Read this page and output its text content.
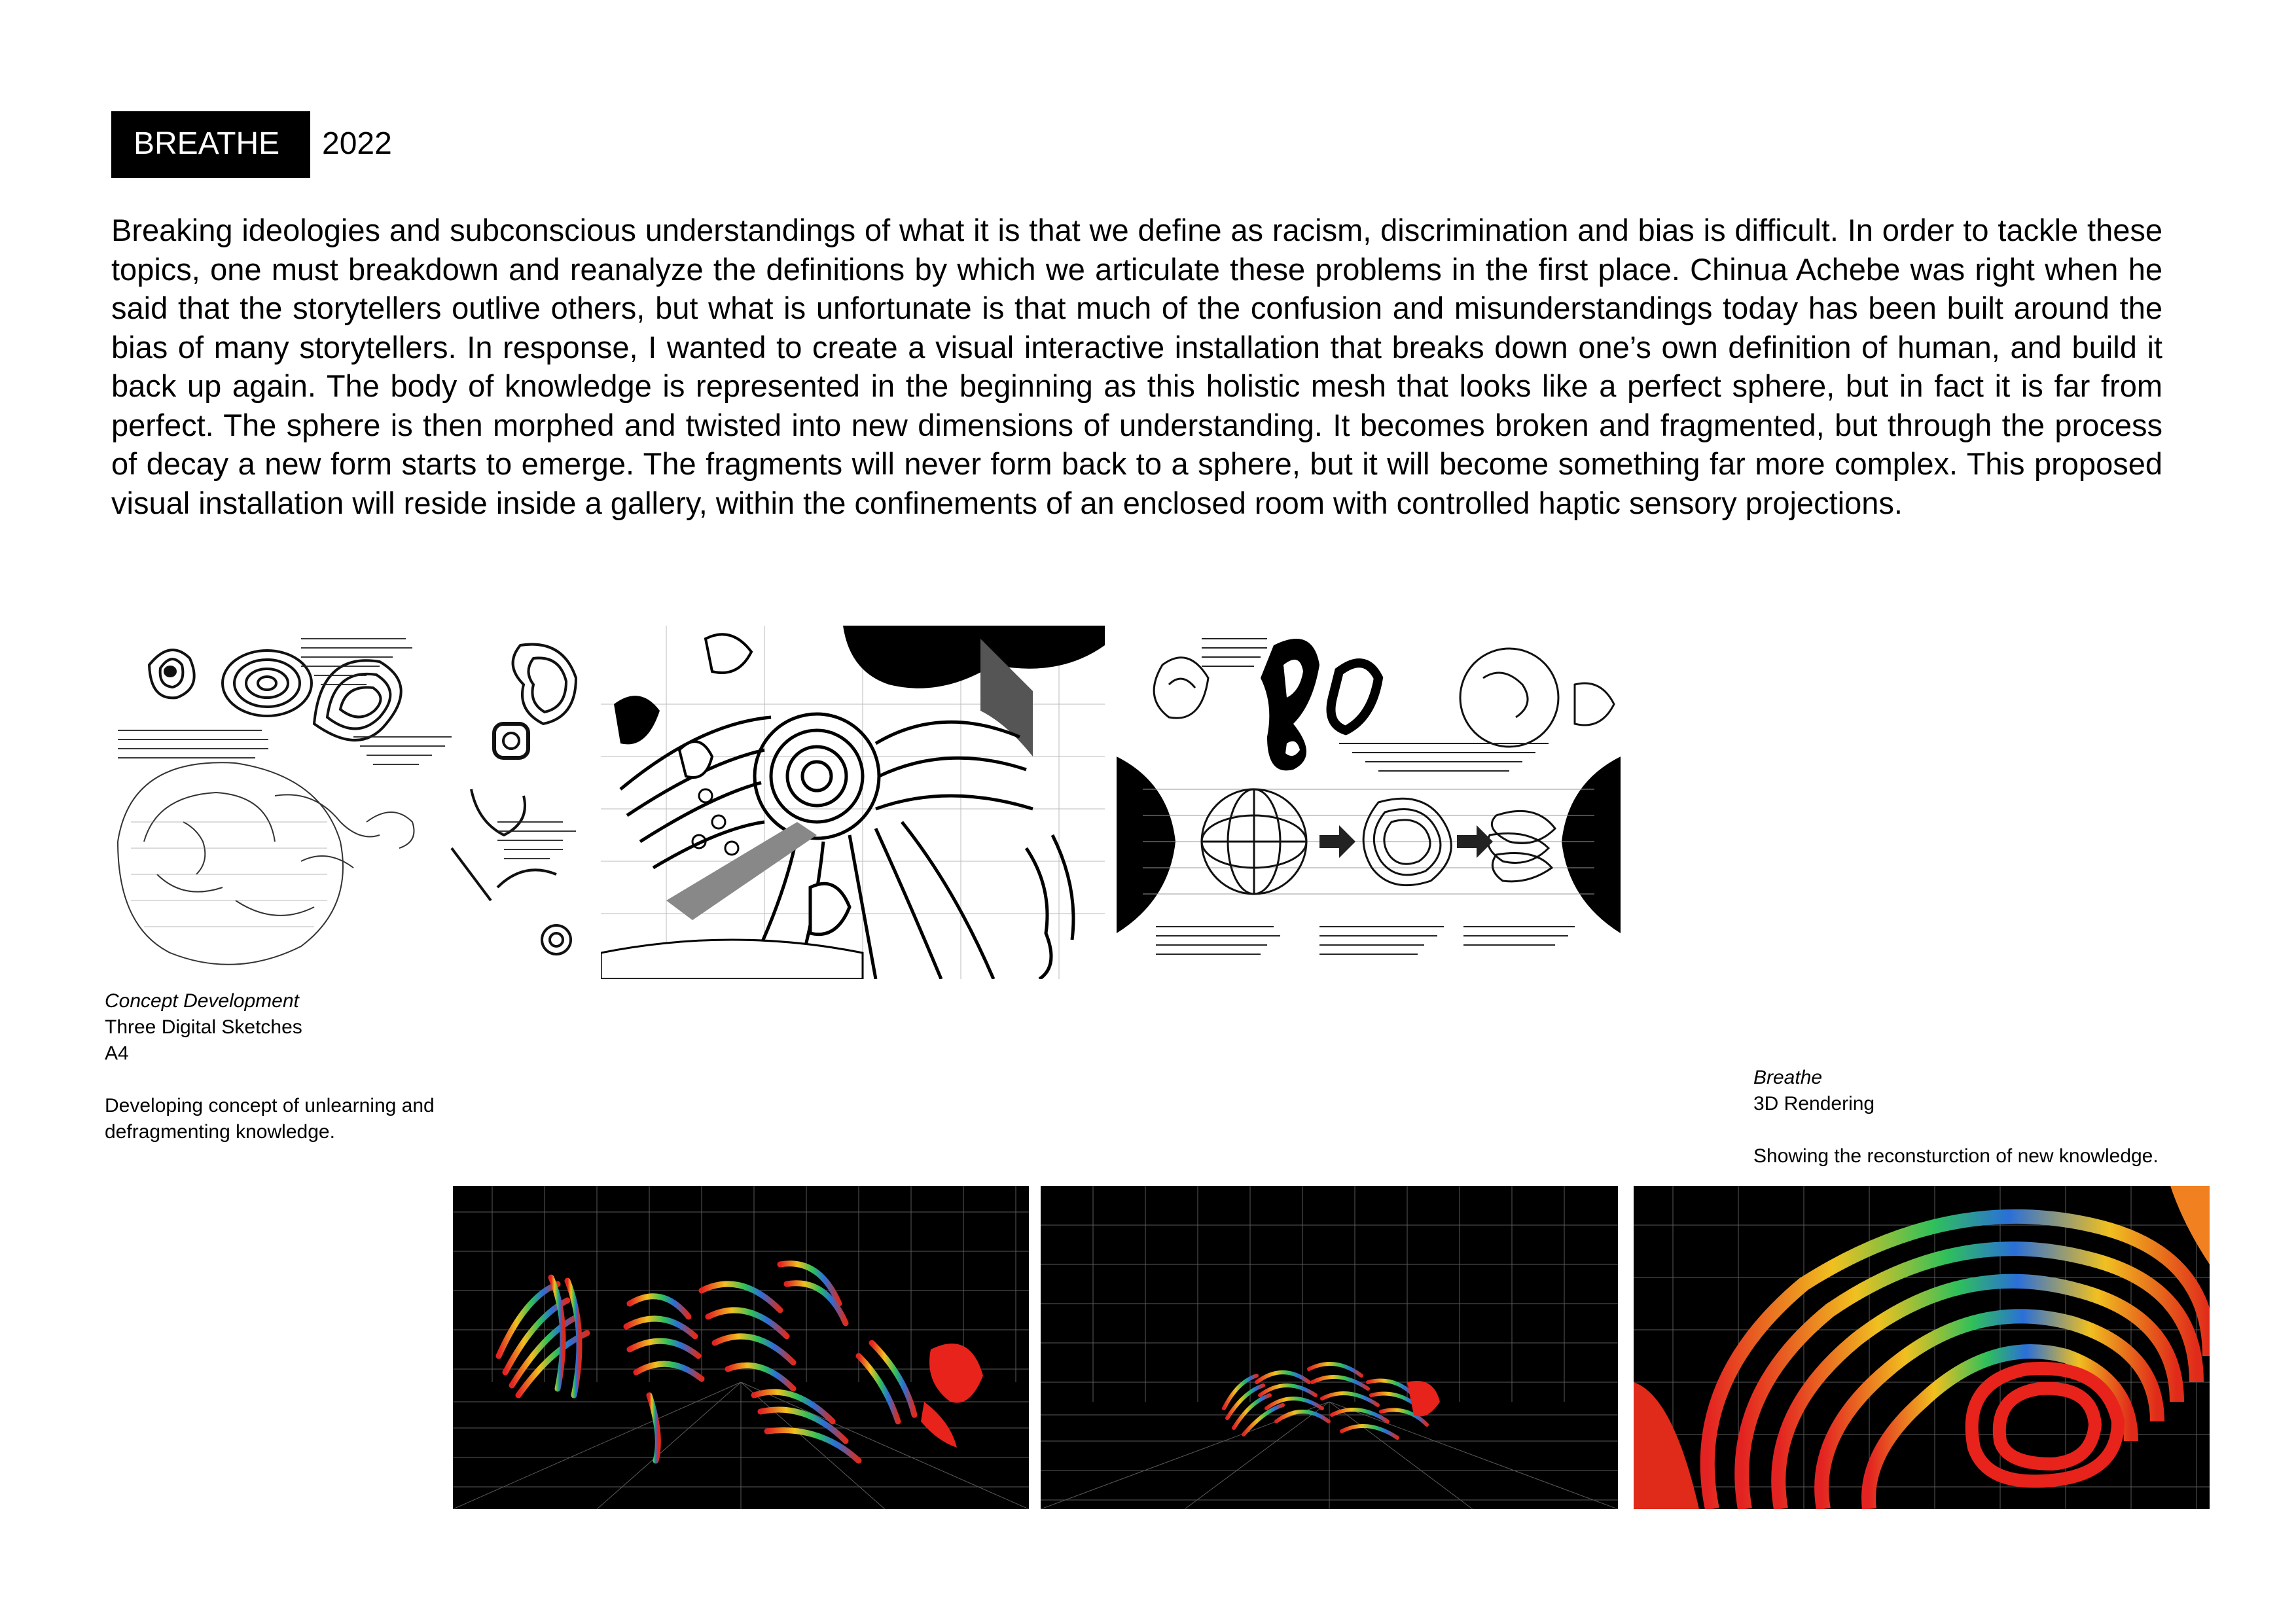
BREATHE 2022

Breaking ideologies and subconscious understandings of what it is that we define as racism, discrimination and bias is difficult. In order to tackle these topics, one must breakdown and reanalyze the definitions by which we articulate these problems in the first place. Chinua Achebe was right when he said that the storytellers outlive others, but what is unfortunate is that much of the confusion and misunderstandings today has been built around the bias of many storytellers. In response, I wanted to create a visual interactive installation that breaks down one’s own definition of human, and build it back up again. The body of knowledge is represented in the beginning as this holistic mesh that looks like a perfect sphere, but in fact it is far from perfect. The sphere is then morphed and twisted into new dimensions of understanding. It becomes broken and fragmented, but through the process of decay a new form starts to emerge. The fragments will never form back to a sphere, but it will become something far more complex. This proposed visual installation will reside inside a gallery, within the confinements of an enclosed room with controlled haptic sensory projections.

Concept Development
Three Digital Sketches
A4
Developing concept of unlearning and
defragmenting knowledge.
Breathe
3D Rendering
Showing the reconsturction of new knowledge.
